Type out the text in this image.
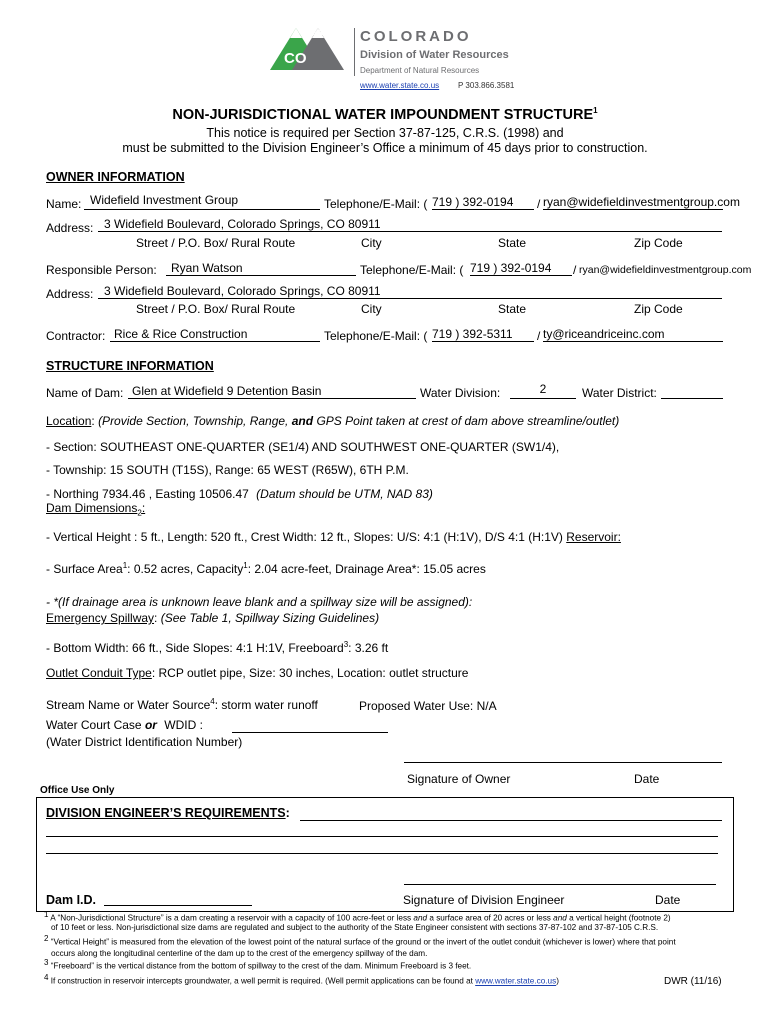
DNR
CO
COLORADO
Division of Water Resources
Department of Natural Resources
www.water.state.co.us P 303.866.3581
NON-JURISDICTIONAL WATER IMPOUNDMENT STRUCTURE$^1$
This notice is required per Section 37-87-125, C.R.S. (1998) and
must be submitted to the Division Engineer’s Office a minimum of 45 days prior to construction.
OWNER INFORMATION
Name: Widefield Investment Group	Telephone/E-Mail: ( 719 ) 392-0194	/ ryan@widefieldinvestmentgroup.com
Address: 3 Widefield Boulevard, Colorado Springs, CO 80911
Street / P.O. Box/ Rural Route	City	State	Zip Code
Responsible Person:	Ryan Watson	Telephone/E-Mail: ( 719 ) 392-0194	/ ryan@widefieldinvestmentgroup.com
Address: 3 Widefield Boulevard, Colorado Springs, CO 80911
Street / P.O. Box/ Rural Route	City	State	Zip Code
Contractor: Rice & Rice Construction	Telephone/E-Mail: ( 719 ) 392-5311	/ ty@riceandriceinc.com
STRUCTURE INFORMATION
Name of Dam: Glen at Widefield 9 Detention Basin	Water Division:	2	Water District:
Location: (Provide Section, Township, Range, and GPS Point taken at crest of dam above streamline/outlet)
- Section: SOUTHEAST ONE-QUARTER (SE1/4) AND SOUTHWEST ONE-QUARTER (SW1/4),
- Township: 15 SOUTH (T15S), Range: 65 WEST (R65W), 6TH P.M.
- Northing 7934.46 , Easting 10506.47 (Datum should be UTM, NAD 83)
Dam Dimensions$_2$:
- Vertical Height : 5 ft., Length: 520 ft., Crest Width: 12 ft., Slopes: U/S: 4:1 (H:1V), D/S 4:1 (H:1V) Reservoir:
- Surface Area$^1$: 0.52 acres, Capacity$^1$: 2.04 acre-feet, Drainage Area*: 15.05 acres
- *(If drainage area is unknown leave blank and a spillway size will be assigned):
Emergency Spillway: (See Table 1, Spillway Sizing Guidelines)
- Bottom Width: 66 ft., Side Slopes: 4:1 H:1V, Freeboard$^3$: 3.26 ft
Outlet Conduit Type: RCP outlet pipe, Size: 30 inches, Location: outlet structure
Stream Name or Water Source$^4$: storm water runoff	Proposed Water Use: N/A
Water Court Case or WDID :
(Water District Identification Number)
Signature of Owner	Date
Office Use Only
DIVISION ENGINEER’S REQUIREMENTS:
Dam I.D.	Signature of Division Engineer	Date
$^1$ A “Non-Jurisdictional Structure” is a dam creating a reservoir with a capacity of 100 acre-feet or less and a surface area of 20 acres or less and a vertical height (footnote 2)
of 10 feet or less. Non-jurisdictional size dams are regulated and subject to the authority of the State Engineer consistent with sections 37-87-102 and 37-87-105 C.R.S.
$^2$ “Vertical Height” is measured from the elevation of the lowest point of the natural surface of the ground or the invert of the outlet conduit (whichever is lower) where that point
occurs along the longitudinal centerline of the dam up to the crest of the emergency spillway of the dam.
$^3$ “Freeboard” is the vertical distance from the bottom of spillway to the crest of the dam. Minimum Freeboard is 3 feet.
$^4$ If construction in reservoir intercepts groundwater, a well permit is required. (Well permit applications can be found at www.water.state.co.us)	DWR (11/16)
